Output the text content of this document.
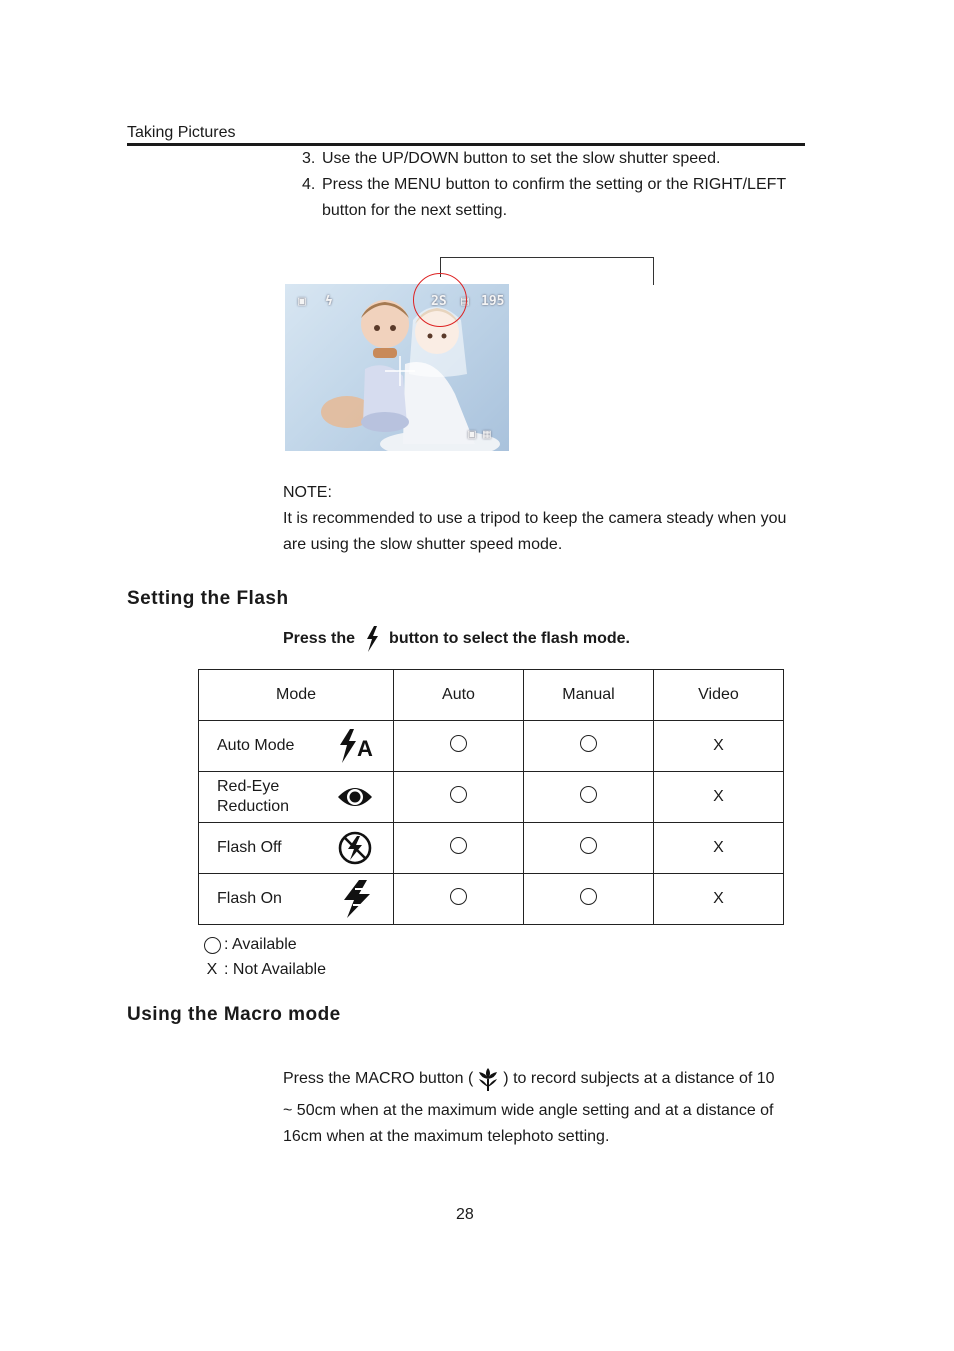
Taking Pictures
3. Use the UP/DOWN button to set the slow shutter speed.
4. Press the MENU button to confirm the setting or the RIGHT/LEFT
button for the next setting.
▣ ϟ	2S ▤ 195
▣ ▦
NOTE:
It is recommended to use a tripod to keep the camera steady when you
are using the slow shutter speed mode.
Setting the Flash
Press the button to select the flash mode.
Mode	Auto	Manual	Video
Auto Mode A			X
Red-Eye
Reduction			X
Flash Off			X
Flash On			X
: Available
X : Not Available
Using the Macro mode
Press the MACRO button ( ) to record subjects at a distance of 10
~ 50cm when at the maximum wide angle setting and at a distance of
16cm when at the maximum telephoto setting.
28
